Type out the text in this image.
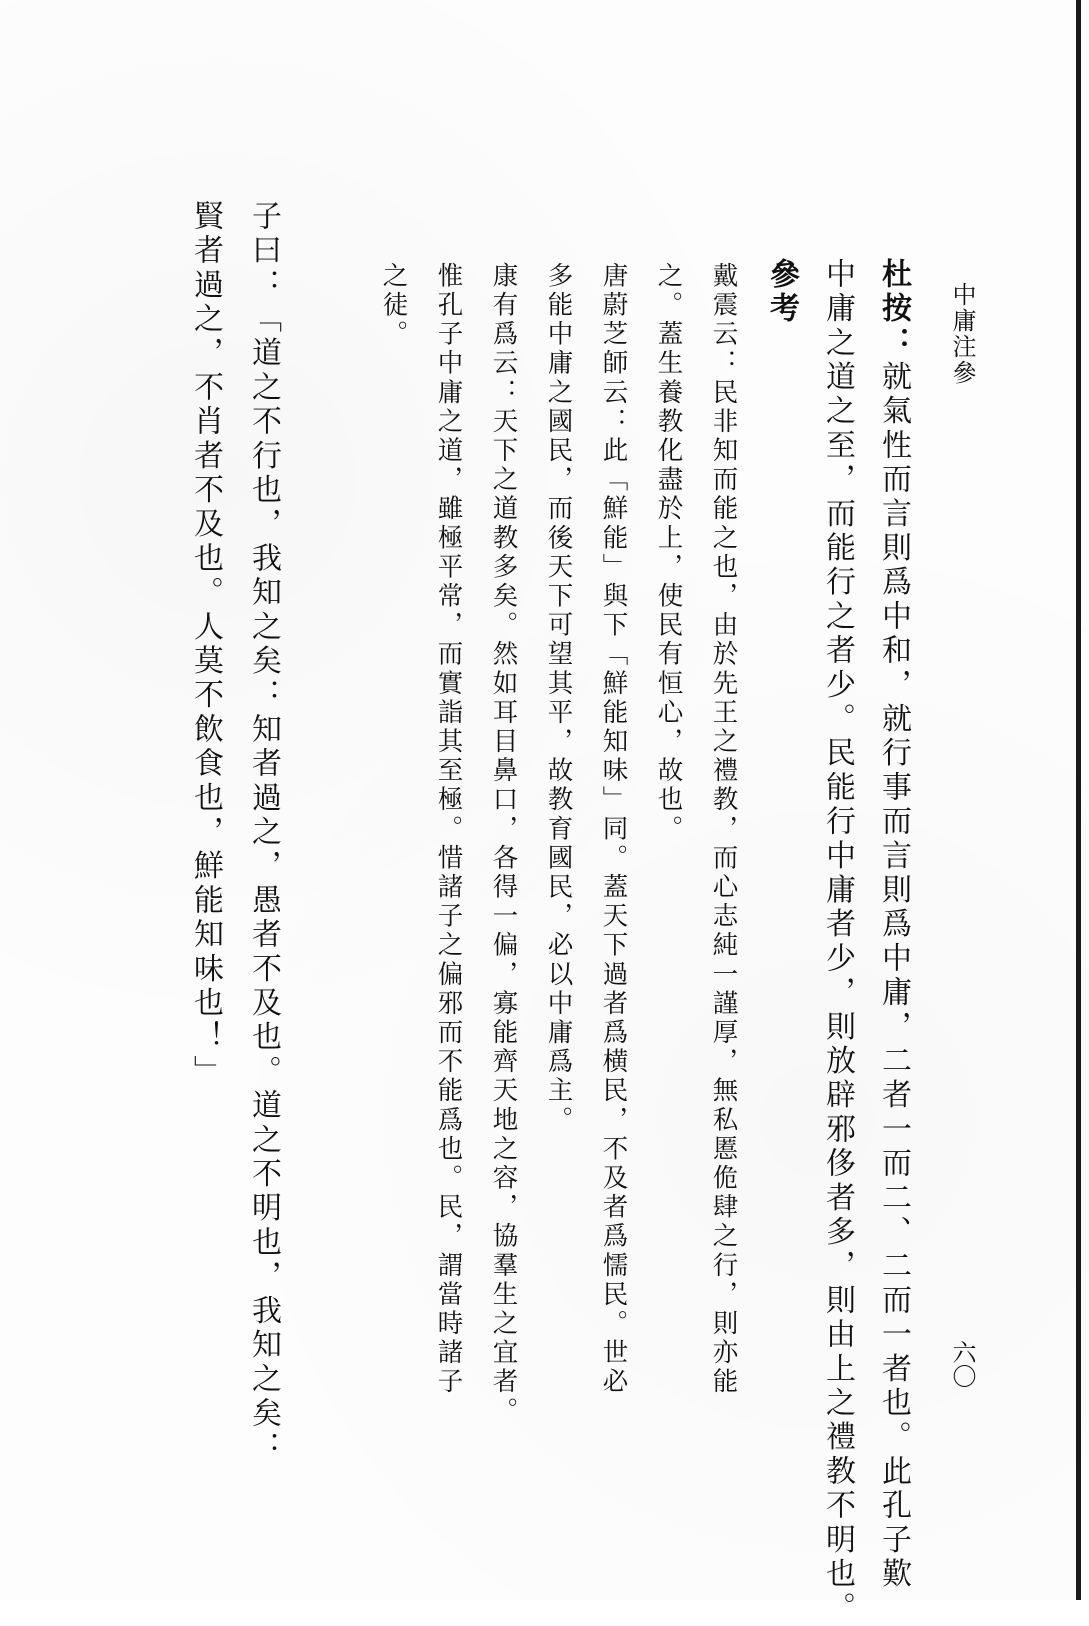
中庸注參
六〇
杜按：就氣性而言則爲中和，就行事而言則爲中庸，二者一而二、二而一者也。此孔子歎
中庸之道之至，而能行之者少。民能行中庸者少，則放辟邪侈者多，則由上之禮教不明也。
參考
戴震云：民非知而能之也，由於先王之禮教，而心志純一謹厚，無私慝佹肆之行，則亦能
之。蓋生養教化盡於上，使民有恒心，故也。
唐蔚芝師云：此「鮮能」與下「鮮能知味」同。蓋天下過者爲横民，不及者爲懦民。世必
多能中庸之國民，而後天下可望其平，故教育國民，必以中庸爲主。
康有爲云：天下之道教多矣。然如耳目鼻口，各得一偏，寡能齊天地之容，協羣生之宜者。
惟孔子中庸之道，雖極平常，而實詣其至極。惜諸子之偏邪而不能爲也。民，謂當時諸子
之徒。
子曰：「道之不行也，我知之矣：知者過之，愚者不及也。道之不明也，我知之矣：
賢者過之，不肖者不及也。人莫不飲食也，鮮能知味也！」
